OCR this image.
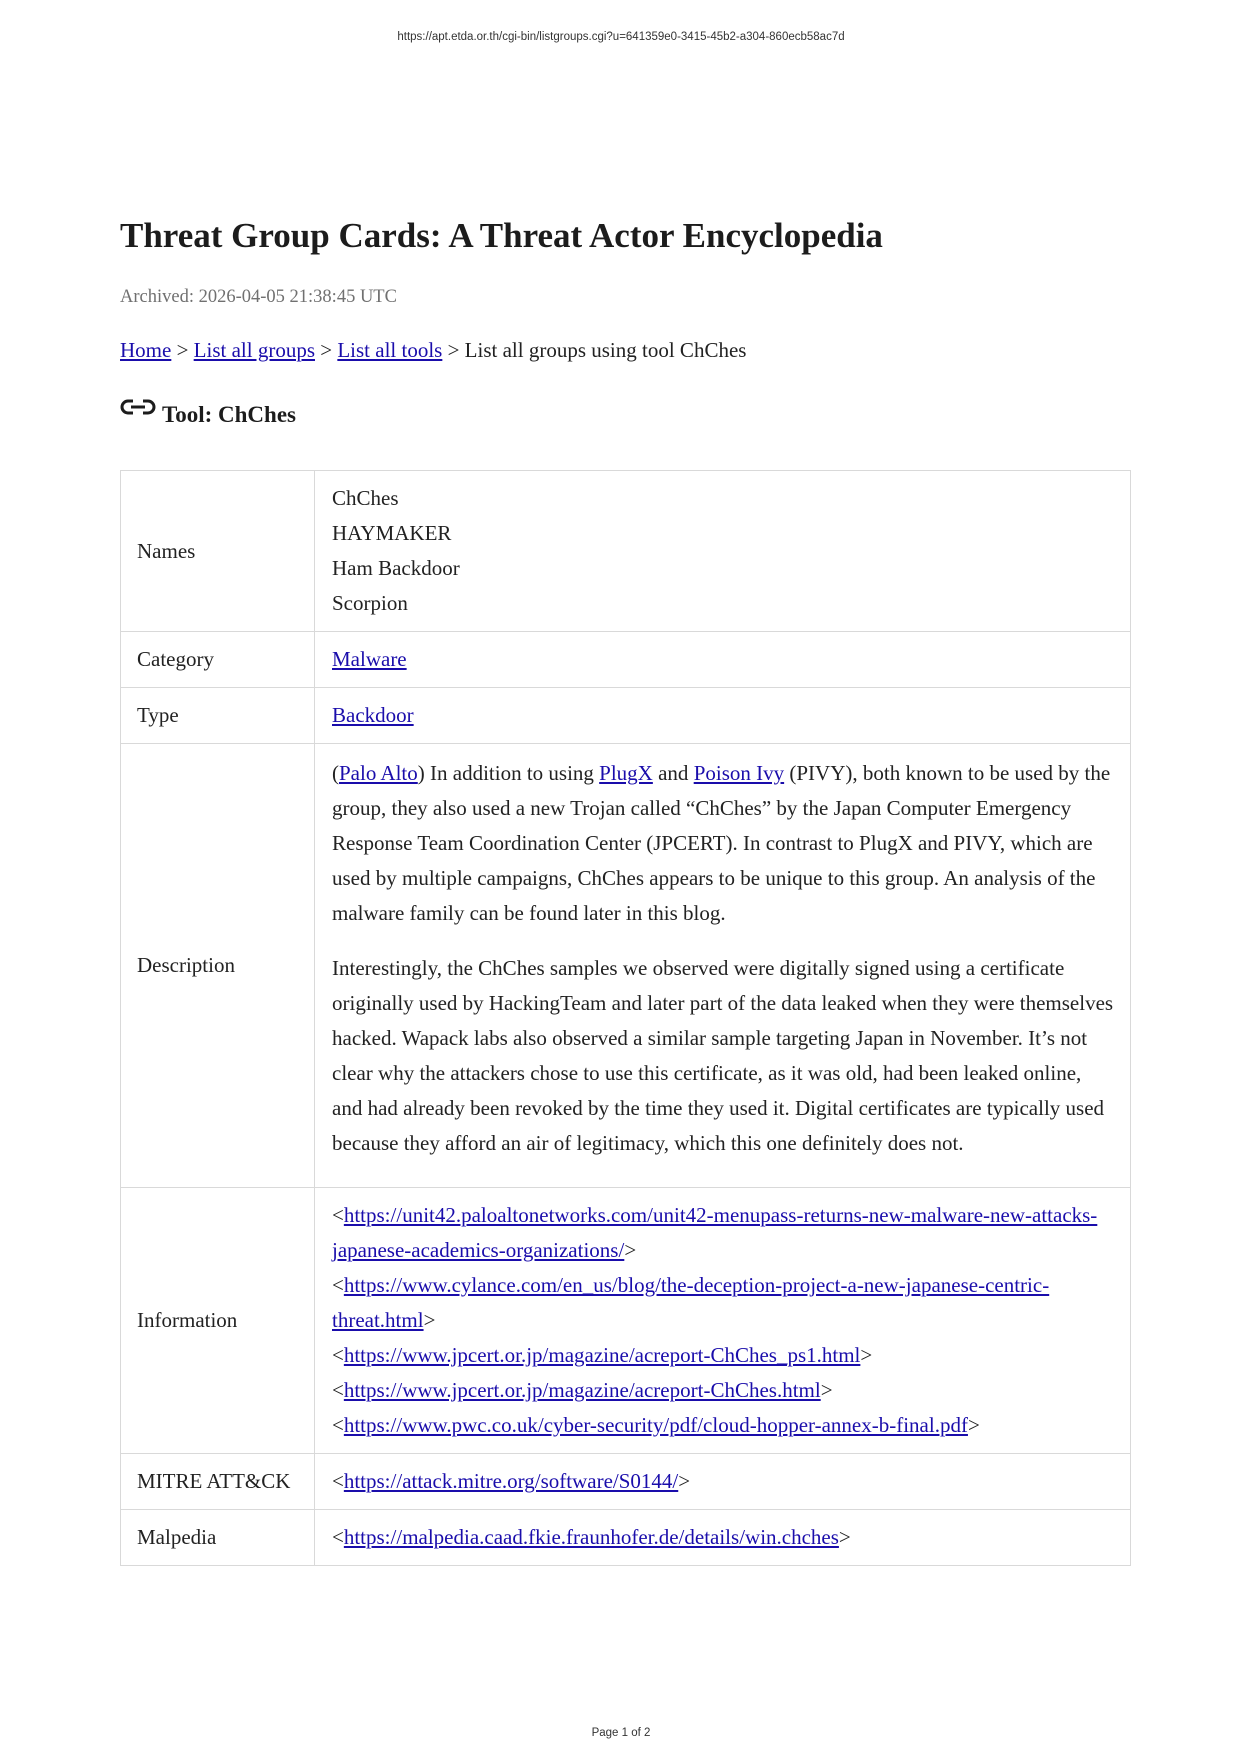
https://apt.etda.or.th/cgi-bin/listgroups.cgi?u=641359e0-3415-45b2-a304-860ecb58ac7d
Threat Group Cards: A Threat Actor Encyclopedia
Archived: 2026-04-05 21:38:45 UTC
Home > List all groups > List all tools > List all groups using tool ChChes
Tool: ChChes
Names	ChChes
HAYMAKER
Ham Backdoor
Scorpion

Category	Malware
Type	Backdoor
Description	(Palo Alto) In addition to using PlugX and Poison Ivy (PIVY), both known to be used by the group, they also used a new Trojan called “ChChes” by the Japan Computer Emergency Response Team Coordination Center (JPCERT). In contrast to PlugX and PIVY, which are used by multiple campaigns, ChChes appears to be unique to this group. An analysis of the malware family can be found later in this blog.

Interestingly, the ChChes samples we observed were digitally signed using a certificate originally used by HackingTeam and later part of the data leaked when they were themselves hacked. Wapack labs also observed a similar sample targeting Japan in November. It’s not clear why the attackers chose to use this certificate, as it was old, had been leaked online, and had already been revoked by the time they used it. Digital certificates are typically used because they afford an air of legitimacy, which this one definitely does not.

Information	<https://unit42.paloaltonetworks.com/unit42-menupass-returns-new-malware-new-attacks-japanese-academics-organizations/>
<https://www.cylance.com/en_us/blog/the-deception-project-a-new-japanese-centric-threat.html>
<https://www.jpcert.or.jp/magazine/acreport-ChChes_ps1.html>
<https://www.jpcert.or.jp/magazine/acreport-ChChes.html>
<https://www.pwc.co.uk/cyber-security/pdf/cloud-hopper-annex-b-final.pdf>

MITRE ATT&CK	<https://attack.mitre.org/software/S0144/>
Malpedia	<https://malpedia.caad.fkie.fraunhofer.de/details/win.chches>
Page 1 of 2
